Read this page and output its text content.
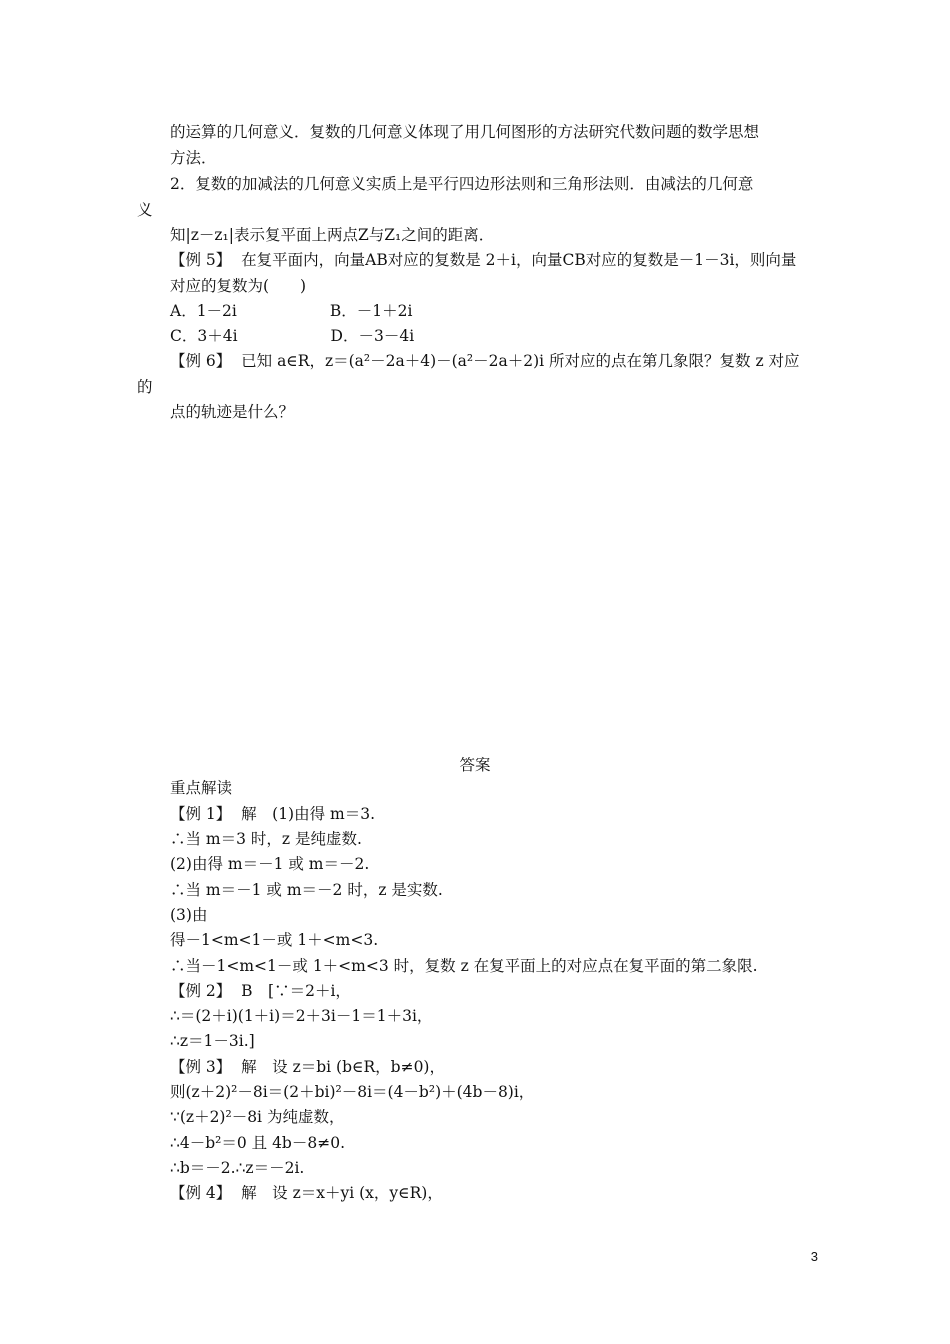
的运算的几何意义．复数的几何意义体现了用几何图形的方法研究代数问题的数学思想
方法．
2．复数的加减法的几何意义实质上是平行四边形法则和三角形法则．由减法的几何意
义
知|z－z₁|表示复平面上两点Z与Z₁之间的距离．
【例 5】  在复平面内，向量AB对应的复数是 2＋i，向量CB对应的复数是－1－3i，则向量
对应的复数为(　　)
A．1－2i　　　　　　B．－1＋2i
C．3＋4i　　　　　　D．－3－4i
【例 6】  已知 a∈R，z＝(a²－2a＋4)－(a²－2a＋2)i 所对应的点在第几象限？复数 z 对应
的
点的轨迹是什么？
答案
重点解读
【例 1】  解　(1)由得 m＝3.
∴当 m＝3 时，z 是纯虚数.
(2)由得 m＝－1 或 m＝－2.
∴当 m＝－1 或 m＝－2 时，z 是实数.
(3)由
得－1<m<1－或 1＋<m<3.
∴当－1<m<1－或 1＋<m<3 时，复数 z 在复平面上的对应点在复平面的第二象限.
【例 2】  B　[∵＝2＋i，
∴＝(2＋i)(1＋i)＝2＋3i－1＝1＋3i，
∴z＝1－3i.]
【例 3】  解　设 z＝bi (b∈R，b≠0)，
则(z＋2)²－8i＝(2＋bi)²－8i＝(4－b²)＋(4b－8)i，
∵(z＋2)²－8i 为纯虚数，
∴4－b²＝0 且 4b－8≠0.
∴b＝－2.∴z＝－2i.
【例 4】  解　设 z＝x＋yi (x，y∈R)，
3
